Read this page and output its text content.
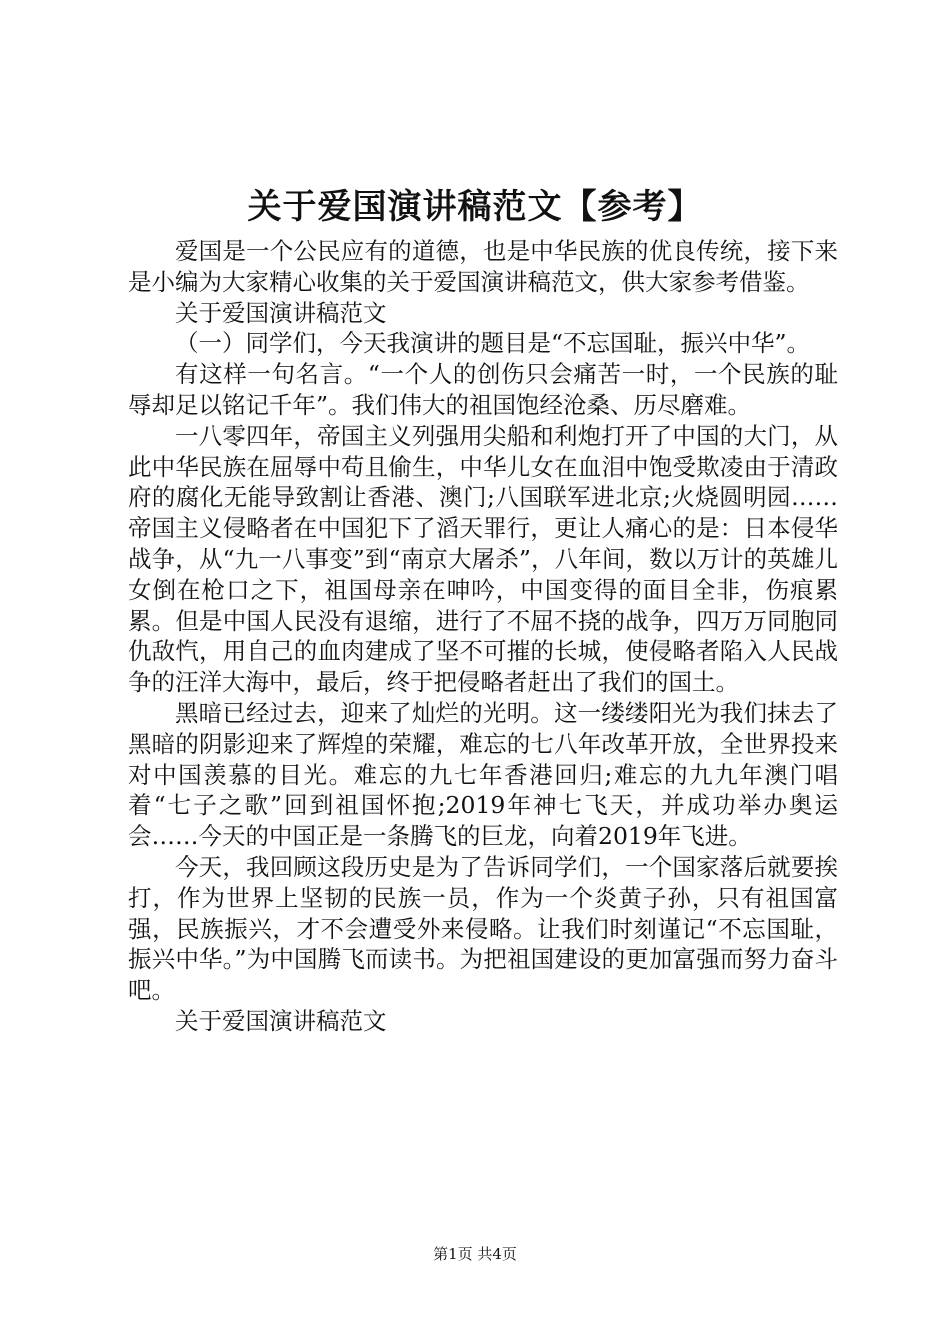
关于爱国演讲稿范文【参考】

爱国是一个公民应有的道德，也是中华民族的优良传统，接下来是小编为大家精心收集的关于爱国演讲稿范文，供大家参考借鉴。

关于爱国演讲稿范文

（一）同学们，今天我演讲的题目是“不忘国耻，振兴中华”。

有这样一句名言。“一个人的创伤只会痛苦一时，一个民族的耻辱却足以铭记千年”。我们伟大的祖国饱经沧桑、历尽磨难。

一八零四年，帝国主义列强用尖船和利炮打开了中国的大门，从此中华民族在屈辱中苟且偷生，中华儿女在血泪中饱受欺凌由于清政府的腐化无能导致割让香港、澳门;八国联军进北京;火烧圆明园……帝国主义侵略者在中国犯下了滔天罪行，更让人痛心的是：日本侵华战争，从“九一八事变”到“南京大屠杀”，八年间，数以万计的英雄儿女倒在枪口之下，祖国母亲在呻吟，中国变得的面目全非，伤痕累累。但是中国人民没有退缩，进行了不屈不挠的战争，四万万同胞同仇敌忾，用自己的血肉建成了坚不可摧的长城，使侵略者陷入人民战争的汪洋大海中，最后，终于把侵略者赶出了我们的国土。

黑暗已经过去，迎来了灿烂的光明。这一缕缕阳光为我们抹去了黑暗的阴影迎来了辉煌的荣耀，难忘的七八年改革开放，全世界投来对中国羡慕的目光。难忘的九七年香港回归;难忘的九九年澳门唱着“七子之歌”回到祖国怀抱;2019年神七飞天，并成功举办奥运会……今天的中国正是一条腾飞的巨龙，向着2019年飞进。

今天，我回顾这段历史是为了告诉同学们，一个国家落后就要挨打，作为世界上坚韧的民族一员，作为一个炎黄子孙，只有祖国富强，民族振兴，才不会遭受外来侵略。让我们时刻谨记“不忘国耻，振兴中华。”为中国腾飞而读书。为把祖国建设的更加富强而努力奋斗吧。

关于爱国演讲稿范文

第1页 共4页
